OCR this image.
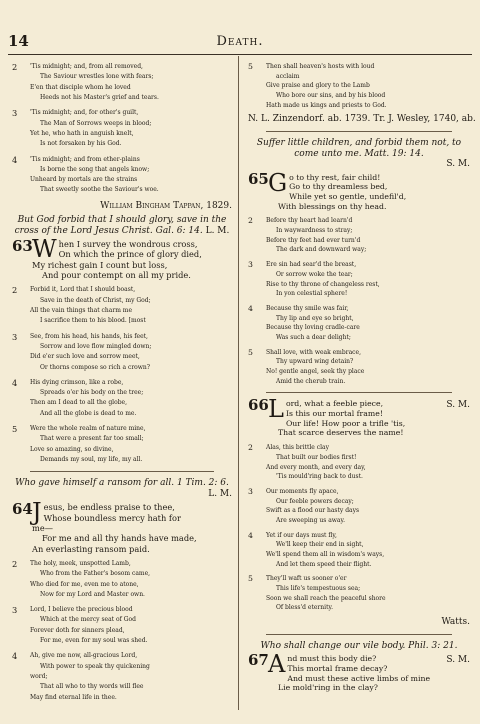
14	Death.
2 'Tis midnight; and, from all removed,
The Saviour wrestles lone with fears;
E'en that disciple whom he loved
Heeds not his Master's grief and tears.
3 'Tis midnight; and, for other's guilt,
The Man of Sorrows weeps in blood;
Yet he, who hath in anguish knelt,
Is not forsaken by his God.
4 'Tis midnight; and from ether-plains
Is borne the song that angels know;
Unheard by mortals are the strains
That sweetly soothe the Saviour's woe.
William Bingham Tappan, 1829.
But God forbid that I should glory, save in the cross of the Lord Jesus Christ. Gal. 6: 14. L. M.
63 When I survey the wondrous cross,
On which the prince of glory died,
My richest gain I count but loss,
And pour contempt on all my pride.
2 Forbid it, Lord that I should boast,
Save in the death of Christ, my God;
All the vain things that charm me
I sacrifice them to his blood. [most
3 See, from his head, his hands, his feet,
Sorrow and love flow mingled down;
Did e'er such love and sorrow meet,
Or thorns compose so rich a crown?
4 His dying crimson, like a robe,
Spreads o'er his body on the tree;
Then am I dead to all the globe,
And all the globe is dead to me.
5 Were the whole realm of nature mine,
That were a present far too small;
Love so amazing, so divine,
Demands my soul, my life, my all.
Who gave himself a ransom for all. 1 Tim. 2: 6.
L. M.
64 Jesus, be endless praise to thee,
Whose boundless mercy hath for
me—
For me and all thy hands have made,
An everlasting ransom paid.
2 The holy, meek, unspotted Lamb,
Who from the Father's bosom came,
Who died for me, even me to atone,
Now for my Lord and Master own.
3 Lord, I believe the precious blood
Which at the mercy seat of God
Forever doth for sinners plead,
For me, even for my soul was shed.
4 Ah, give me now, all-gracious Lord,
With power to speak thy quickening
word;
That all who to thy words will flee
May find eternal life in thee.
5 Then shall heaven's hosts with loud
acclaim
Give praise and glory to the Lamb
Who bore our sins, and by his blood
Hath made us kings and priests to God.
N. L. Zinzendorf. ab. 1739. Tr. J. Wesley, 1740, ab.
Suffer little children, and forbid them not, to come unto me. Matt. 19: 14.
S. M.
65 Go to thy rest, fair child!
Go to thy dreamless bed,
While yet so gentle, undefil'd,
With blessings on thy head.
2 Before thy heart had learn'd
In waywardness to stray;
Before thy feet had ever turn'd
The dark and downward way;
3 Ere sin had sear'd the breast,
Or sorrow woke the tear;
Rise to thy throne of changeless rest,
In yon celestial sphere!
4 Because thy smile was fair,
Thy lip and eye so bright,
Because thy loving cradle-care
Was such a dear delight;
5 Shall love, with weak embrace,
Thy upward wing detain?
No! gentle angel, seek thy place
Amid the cherub train.
66	S. M.
Lord, what a feeble piece,
Is this our mortal frame!
Our life! How poor a trifle 'tis,
That scarce deserves the name!
2 Alas, this brittle clay
That built our bodies first!
And every month, and every day,
'Tis mould'ring back to dust.
3 Our moments fly apace,
Our feeble powers decay;
Swift as a flood our hasty days
Are sweeping us away.
4 Yet if our days must fly,
We'll keep their end in sight,
We'll spend them all in wisdom's ways,
And let them speed their flight.
5 They'll waft us sooner o'er
This life's tempestuous sea;
Soon we shall reach the peaceful shore
Of bless'd eternity.
Watts.
Who shall change our vile body. Phil. 3: 21.
67	S. M.
And must this body die?
This mortal frame decay?
And must these active limbs of mine
Lie mold'ring in the clay?
